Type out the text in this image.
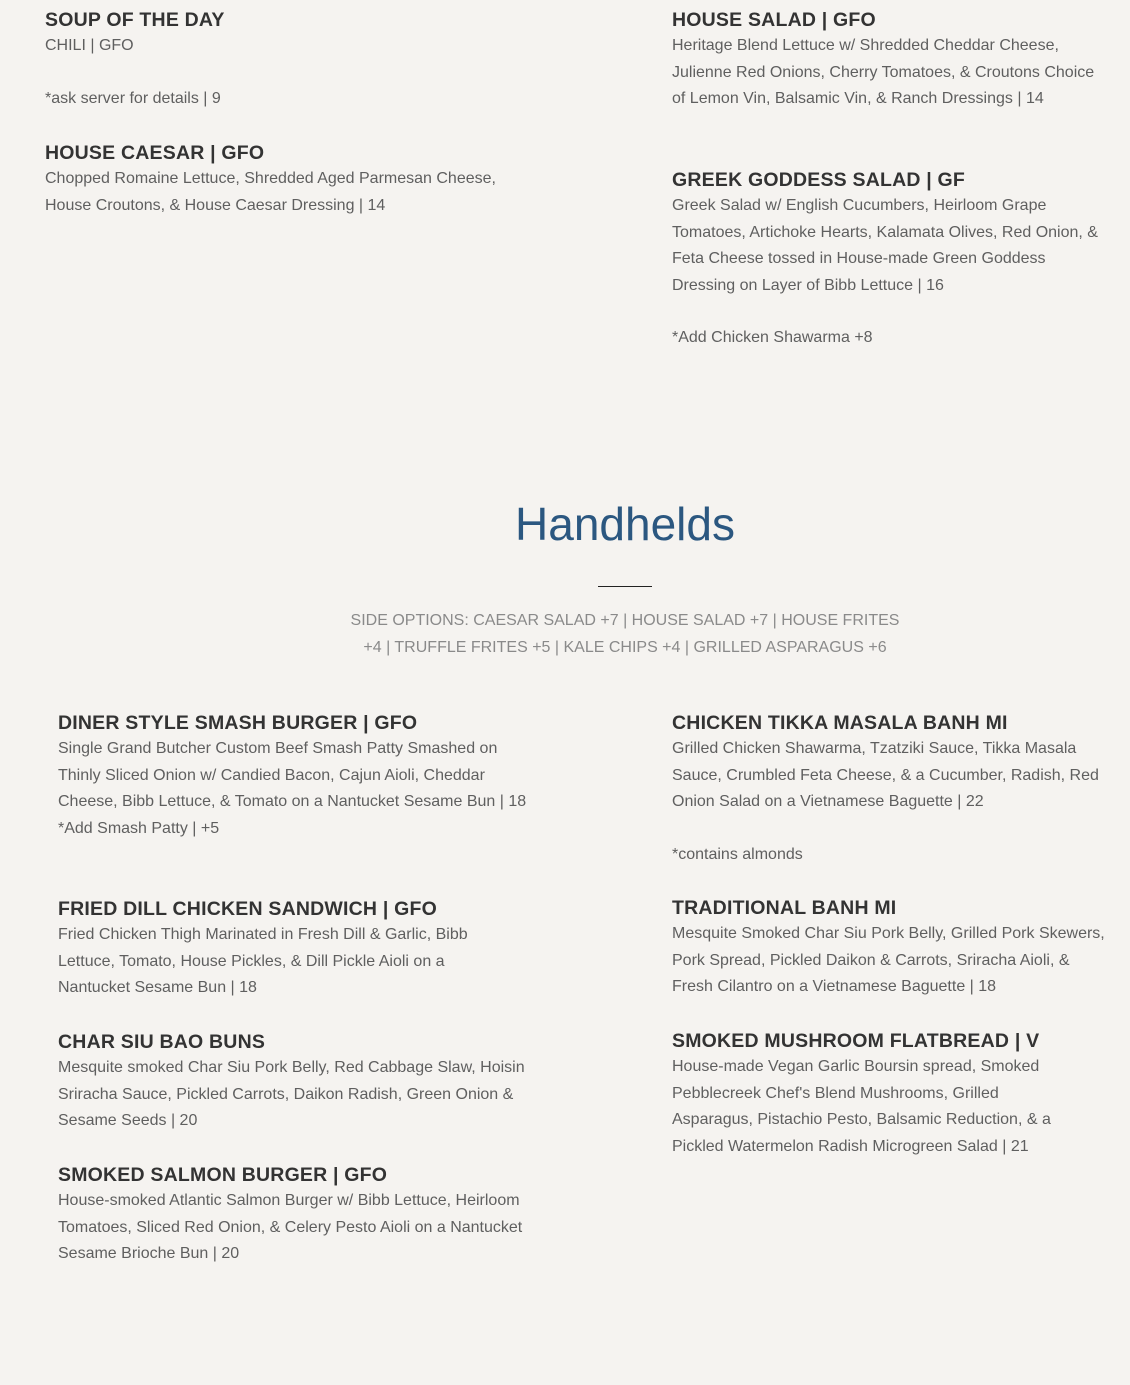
SOUP OF THE DAY

CHILI | GFO

*ask server for details | 9

HOUSE CAESAR | GFO

Chopped Romaine Lettuce, Shredded Aged Parmesan Cheese, House Croutons, & House Caesar Dressing | 14

HOUSE SALAD | GFO

Heritage Blend Lettuce w/ Shredded Cheddar Cheese, Julienne Red Onions, Cherry Tomatoes, & Croutons Choice of Lemon Vin, Balsamic Vin, & Ranch Dressings | 14

GREEK GODDESS SALAD | GF

Greek Salad w/ English Cucumbers, Heirloom Grape Tomatoes, Artichoke Hearts, Kalamata Olives, Red Onion, & Feta Cheese tossed in House-made Green Goddess Dressing on Layer of Bibb Lettuce | 16

*Add Chicken Shawarma +8

Handhelds
SIDE OPTIONS: CAESAR SALAD +7 | HOUSE SALAD +7 | HOUSE FRITES +4 | TRUFFLE FRITES +5 | KALE CHIPS +4 | GRILLED ASPARAGUS +6

DINER STYLE SMASH BURGER | GFO

Single Grand Butcher Custom Beef Smash Patty Smashed on Thinly Sliced Onion w/ Candied Bacon, Cajun Aioli, Cheddar Cheese, Bibb Lettuce, & Tomato on a Nantucket Sesame Bun | 18

*Add Smash Patty | +5

FRIED DILL CHICKEN SANDWICH | GFO

Fried Chicken Thigh Marinated in Fresh Dill & Garlic, Bibb Lettuce, Tomato, House Pickles, & Dill Pickle Aioli on a Nantucket Sesame Bun | 18

CHAR SIU BAO BUNS

Mesquite smoked Char Siu Pork Belly, Red Cabbage Slaw, Hoisin Sriracha Sauce, Pickled Carrots, Daikon Radish, Green Onion & Sesame Seeds | 20

SMOKED SALMON BURGER | GFO

House-smoked Atlantic Salmon Burger w/ Bibb Lettuce, Heirloom Tomatoes, Sliced Red Onion, & Celery Pesto Aioli on a Nantucket Sesame Brioche Bun | 20

CHICKEN TIKKA MASALA BANH MI

Grilled Chicken Shawarma, Tzatziki Sauce, Tikka Masala Sauce, Crumbled Feta Cheese, & a Cucumber, Radish, Red Onion Salad on a Vietnamese Baguette | 22

*contains almonds

TRADITIONAL BANH MI

Mesquite Smoked Char Siu Pork Belly, Grilled Pork Skewers, Pork Spread, Pickled Daikon & Carrots, Sriracha Aioli, & Fresh Cilantro on a Vietnamese Baguette | 18

SMOKED MUSHROOM FLATBREAD | V

House-made Vegan Garlic Boursin spread, Smoked Pebblecreek Chef's Blend Mushrooms, Grilled Asparagus, Pistachio Pesto, Balsamic Reduction, & a Pickled Watermelon Radish Microgreen Salad | 21
